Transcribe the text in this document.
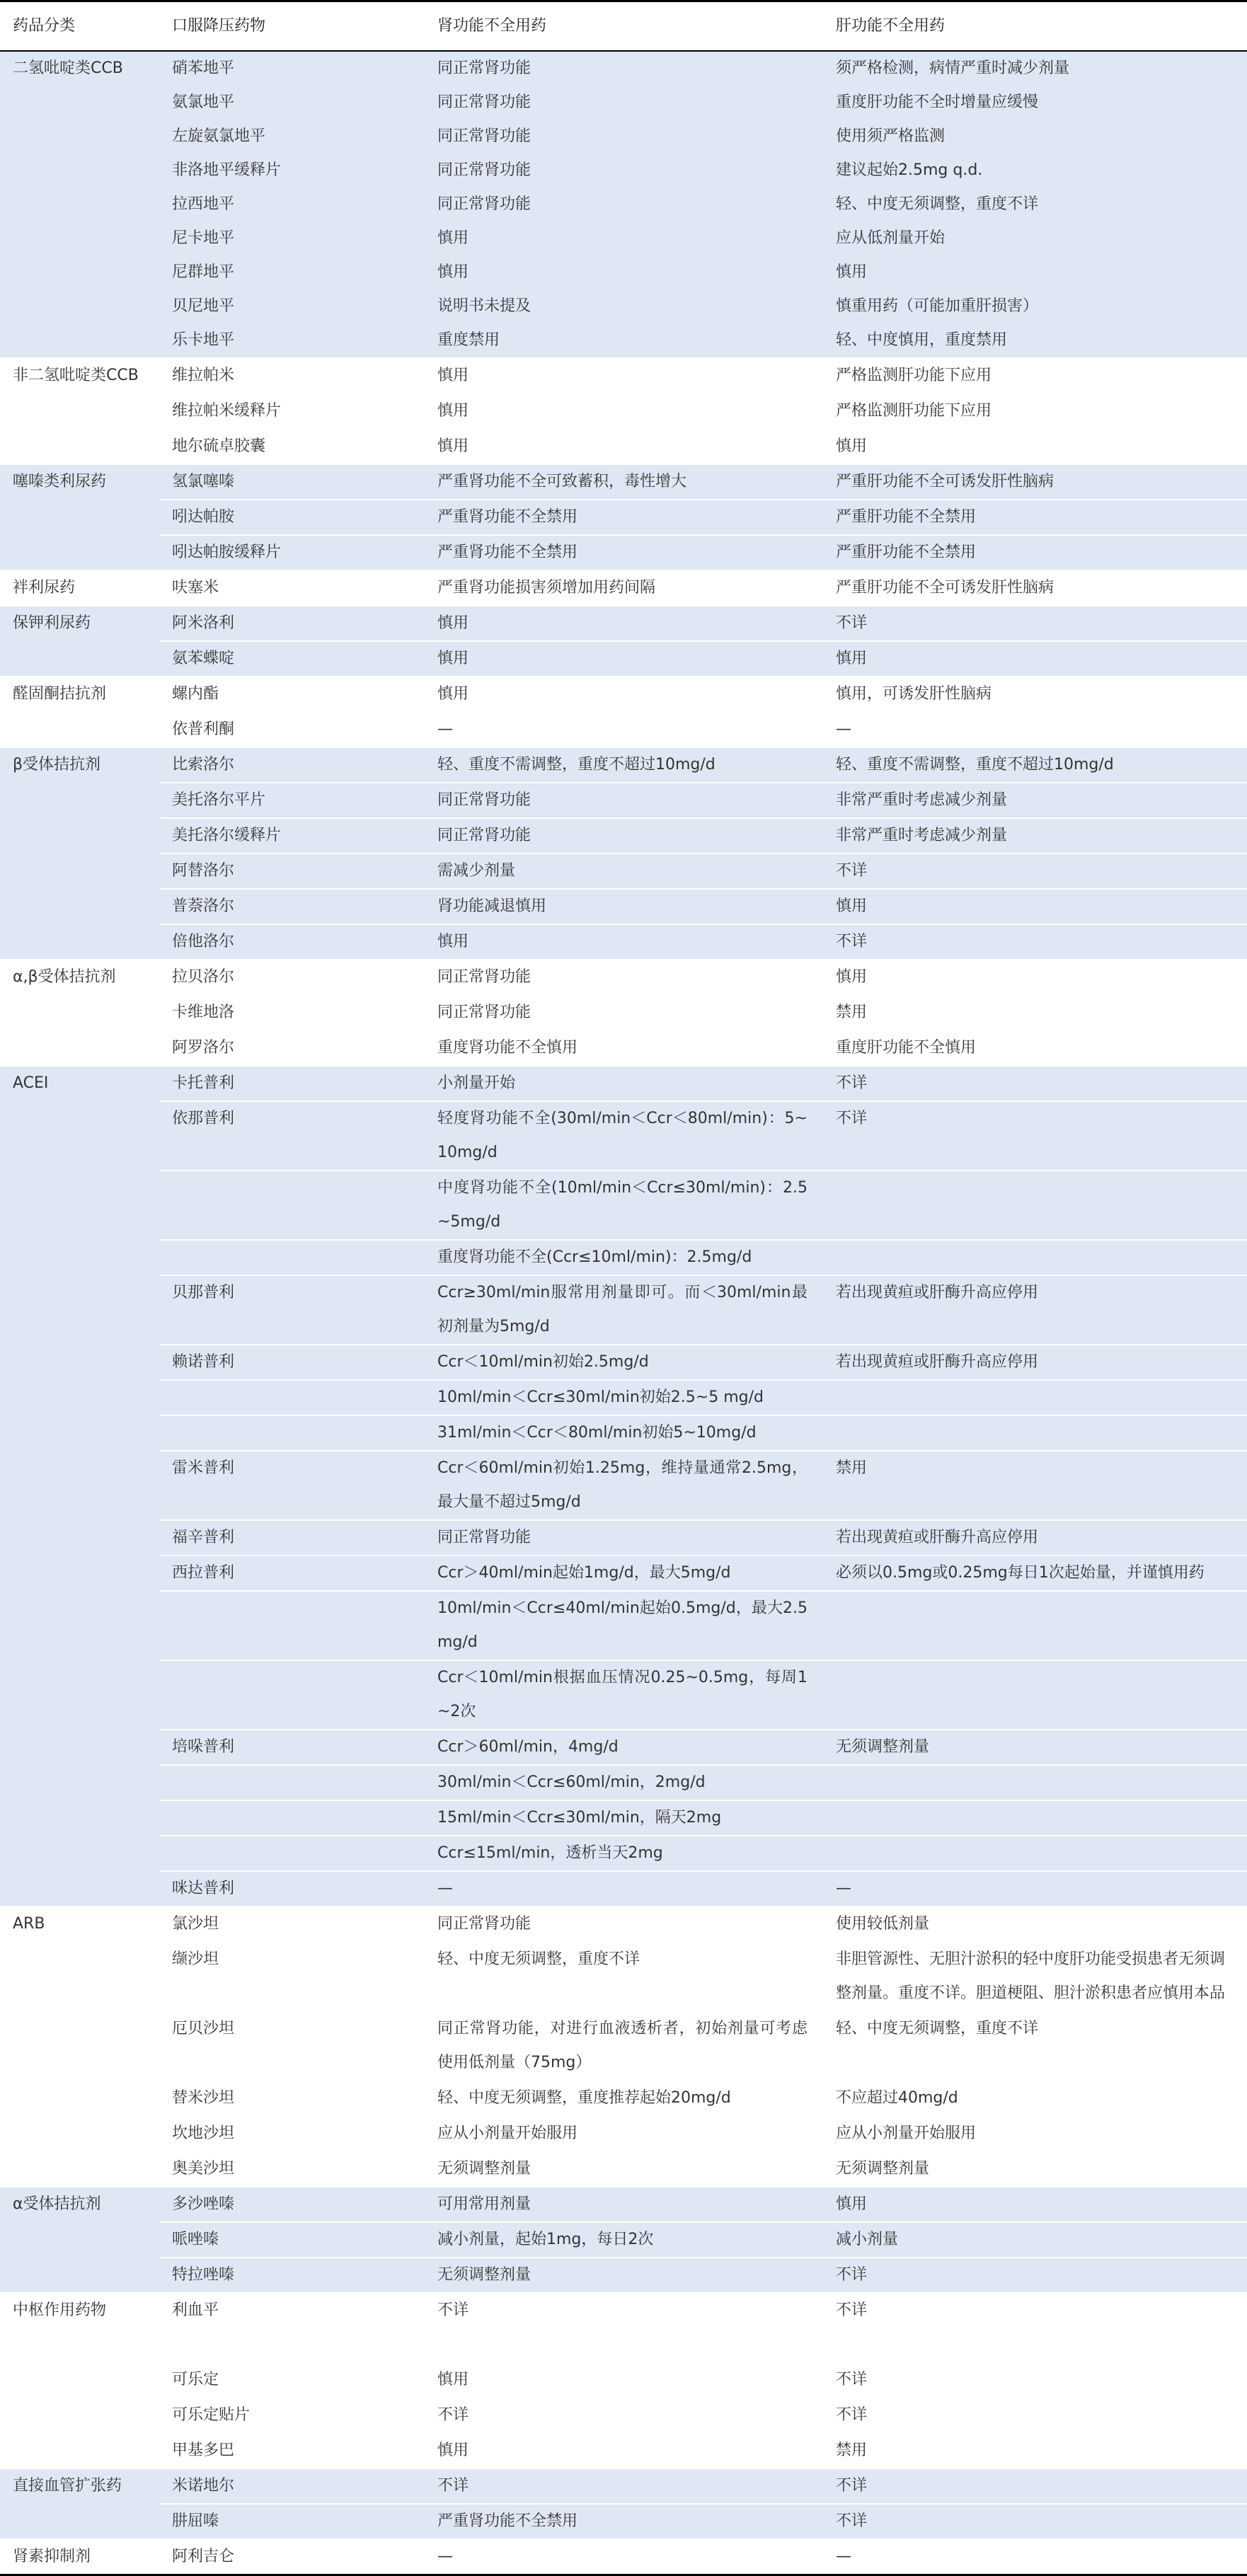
药品分类	口服降压药物	肾功能不全用药	肝功能不全用药
二氢吡啶类CCB	硝苯地平	同正常肾功能	须严格检测，病情严重时减少剂量
	氨氯地平	同正常肾功能	重度肝功能不全时增量应缓慢
	左旋氨氯地平	同正常肾功能	使用须严格监测
	非洛地平缓释片	同正常肾功能	建议起始2.5mg q.d.
	拉西地平	同正常肾功能	轻、中度无须调整，重度不详
	尼卡地平	慎用	应从低剂量开始
	尼群地平	慎用	慎用
	贝尼地平	说明书未提及	慎重用药（可能加重肝损害）
	乐卡地平	重度禁用	轻、中度慎用，重度禁用
非二氢吡啶类CCB	维拉帕米	慎用	严格监测肝功能下应用
	维拉帕米缓释片	慎用	严格监测肝功能下应用
	地尔硫卓胶囊	慎用	慎用
噻嗪类利尿药	氢氯噻嗪	严重肾功能不全可致蓄积，毒性增大	严重肝功能不全可诱发肝性脑病
	吲达帕胺	严重肾功能不全禁用	严重肝功能不全禁用
	吲达帕胺缓释片	严重肾功能不全禁用	严重肝功能不全禁用
袢利尿药	呋塞米	严重肾功能损害须增加用药间隔	严重肝功能不全可诱发肝性脑病
保钾利尿药	阿米洛利	慎用	不详
	氨苯蝶啶	慎用	慎用
醛固酮拮抗剂	螺内酯	慎用	慎用，可诱发肝性脑病
	依普利酮	—	—
β受体拮抗剂	比索洛尔	轻、重度不需调整，重度不超过10mg/d	轻、重度不需调整，重度不超过10mg/d
	美托洛尔平片	同正常肾功能	非常严重时考虑减少剂量
	美托洛尔缓释片	同正常肾功能	非常严重时考虑减少剂量
	阿替洛尔	需减少剂量	不详
	普萘洛尔	肾功能减退慎用	慎用
	倍他洛尔	慎用	不详
α,β受体拮抗剂	拉贝洛尔	同正常肾功能	慎用
	卡维地洛	同正常肾功能	禁用
	阿罗洛尔	重度肾功能不全慎用	重度肝功能不全慎用
ACEI	卡托普利	小剂量开始	不详
	依那普利	轻度肾功能不全(30ml/min＜Ccr＜80ml/min)：5~10mg/d	不详
		中度肾功能不全(10ml/min＜Ccr≤30ml/min)：2.5~5mg/d	
		重度肾功能不全(Ccr≤10ml/min)：2.5mg/d	
	贝那普利	Ccr≥30ml/min服常用剂量即可。而＜30ml/min最初剂量为5mg/d	若出现黄疸或肝酶升高应停用
	赖诺普利	Ccr＜10ml/min初始2.5mg/d	若出现黄疸或肝酶升高应停用
		10ml/min＜Ccr≤30ml/min初始2.5~5 mg/d	
		31ml/min＜Ccr＜80ml/min初始5~10mg/d	
	雷米普利	Ccr＜60ml/min初始1.25mg，维持量通常2.5mg，最大量不超过5mg/d	禁用
	福辛普利	同正常肾功能	若出现黄疸或肝酶升高应停用
	西拉普利	Ccr＞40ml/min起始1mg/d，最大5mg/d	必须以0.5mg或0.25mg每日1次起始量，并谨慎用药
		10ml/min＜Ccr≤40ml/min起始0.5mg/d，最大2.5mg/d	
		Ccr＜10ml/min根据血压情况0.25~0.5mg，每周1~2次	
	培哚普利	Ccr＞60ml/min，4mg/d	无须调整剂量
		30ml/min＜Ccr≤60ml/min，2mg/d	
		15ml/min＜Ccr≤30ml/min，隔天2mg	
		Ccr≤15ml/min，透析当天2mg	
	咪达普利	—	—
ARB	氯沙坦	同正常肾功能	使用较低剂量
	缬沙坦	轻、中度无须调整，重度不详	非胆管源性、无胆汁淤积的轻中度肝功能受损患者无须调整剂量。重度不详。胆道梗阻、胆汁淤积患者应慎用本品
	厄贝沙坦	同正常肾功能，对进行血液透析者，初始剂量可考虑使用低剂量（75mg）	轻、中度无须调整，重度不详
	替米沙坦	轻、中度无须调整，重度推荐起始20mg/d	不应超过40mg/d
	坎地沙坦	应从小剂量开始服用	应从小剂量开始服用
	奥美沙坦	无须调整剂量	无须调整剂量
α受体拮抗剂	多沙唑嗪	可用常用剂量	慎用
	哌唑嗪	减小剂量，起始1mg，每日2次	减小剂量
	特拉唑嗪	无须调整剂量	不详
中枢作用药物	利血平	不详	不详
	可乐定	慎用	不详
	可乐定贴片	不详	不详
	甲基多巴	慎用	禁用
直接血管扩张药	米诺地尔	不详	不详
	肼屈嗪	严重肾功能不全禁用	不详
肾素抑制剂	阿利吉仑	—	—
